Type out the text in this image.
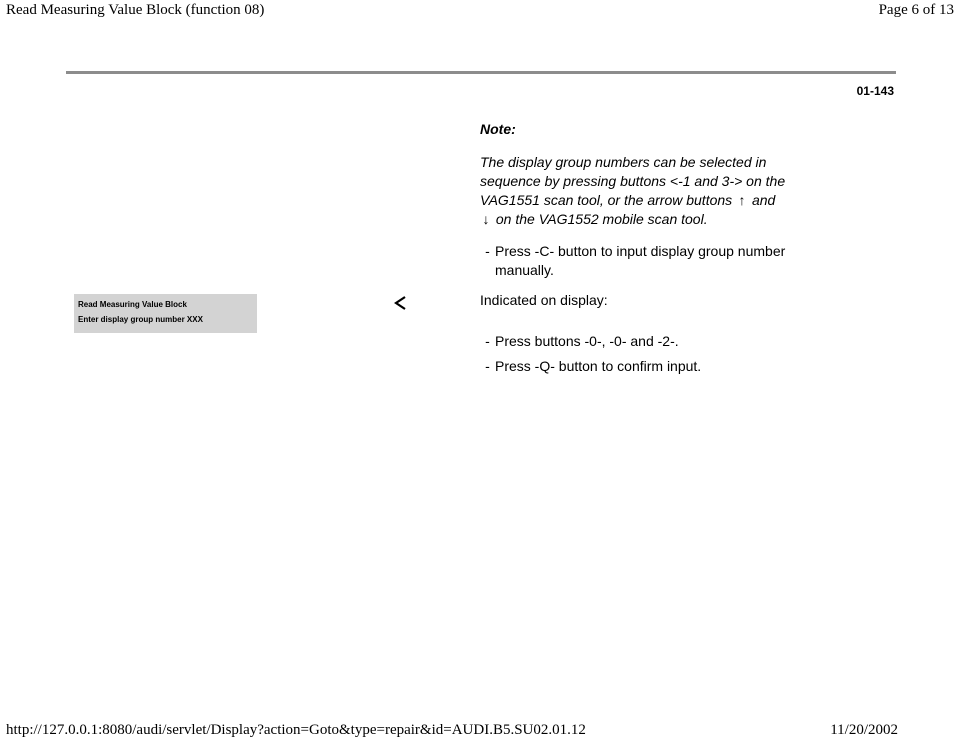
Read Measuring Value Block (function 08)	Page 6 of 13
01-143
Note:
The display group numbers can be selected in sequence by pressing buttons <-1 and 3-> on the VAG1551 scan tool, or the arrow buttons ↑ and
↓ on the VAG1552 mobile scan tool.
- Press -C- button to input display group number manually.
Read Measuring Value Block
Enter display group number XXX
Indicated on display:
- Press buttons -0-, -0- and -2-.
- Press -Q- button to confirm input.
http://127.0.0.1:8080/audi/servlet/Display?action=Goto&type=repair&id=AUDI.B5.SU02.01.12	11/20/2002
